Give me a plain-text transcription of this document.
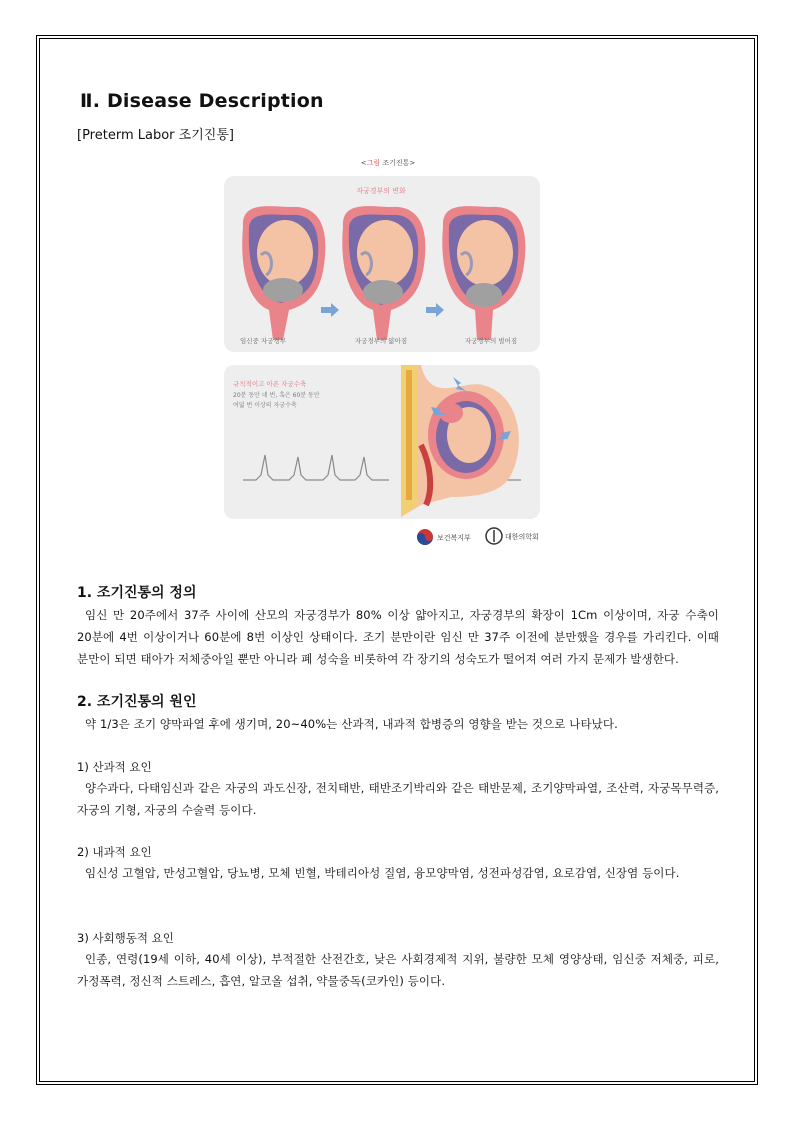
Ⅱ. Disease Description
[Preterm Labor 조기진통]
<그림 조기진통>
자궁경부의 변화
임신중 자궁경부	자궁경부의 얇아짐	자궁경부의 벌어짐
규칙적이고 아픈 자궁수축
20분 동안 네 번, 혹은 60분 동안
여덟 번 이상의 자궁수축
보건복지부	대한의학회
1. 조기진통의 정의
임신 만 20주에서 37주 사이에 산모의 자궁경부가 80% 이상 얇아지고, 자궁경부의 확장이 1Cm 이상이며, 자궁 수축이 20분에 4번 이상이거나 60분에 8번 이상인 상태이다. 조기 분만이란 임신 만 37주 이전에 분만했을 경우를 가리킨다. 이때 분만이 되면 태아가 저체중아일 뿐만 아니라 폐 성숙을 비롯하여 각 장기의 성숙도가 떨어져 여러 가지 문제가 발생한다.
2. 조기진통의 원인
약 1/3은 조기 양막파열 후에 생기며, 20~40%는 산과적, 내과적 합병증의 영향을 받는 것으로 나타났다.
1) 산과적 요인
양수과다, 다태임신과 같은 자궁의 과도신장, 전치태반, 태반조기박리와 같은 태반문제, 조기양막파열, 조산력, 자궁목무력증, 자궁의 기형, 자궁의 수술력 등이다.
2) 내과적 요인
임신성 고혈압, 만성고혈압, 당뇨병, 모체 빈혈, 박테리아성 질염, 융모양막염, 성전파성감염, 요로감염, 신장염 등이다.
3) 사회행동적 요인
인종, 연령(19세 이하, 40세 이상), 부적절한 산전간호, 낮은 사회경제적 지위, 불량한 모체 영양상태, 임신중 저체중, 피로, 가정폭력, 정신적 스트레스, 흡연, 알코올 섭취, 약물중독(코카인) 등이다.
